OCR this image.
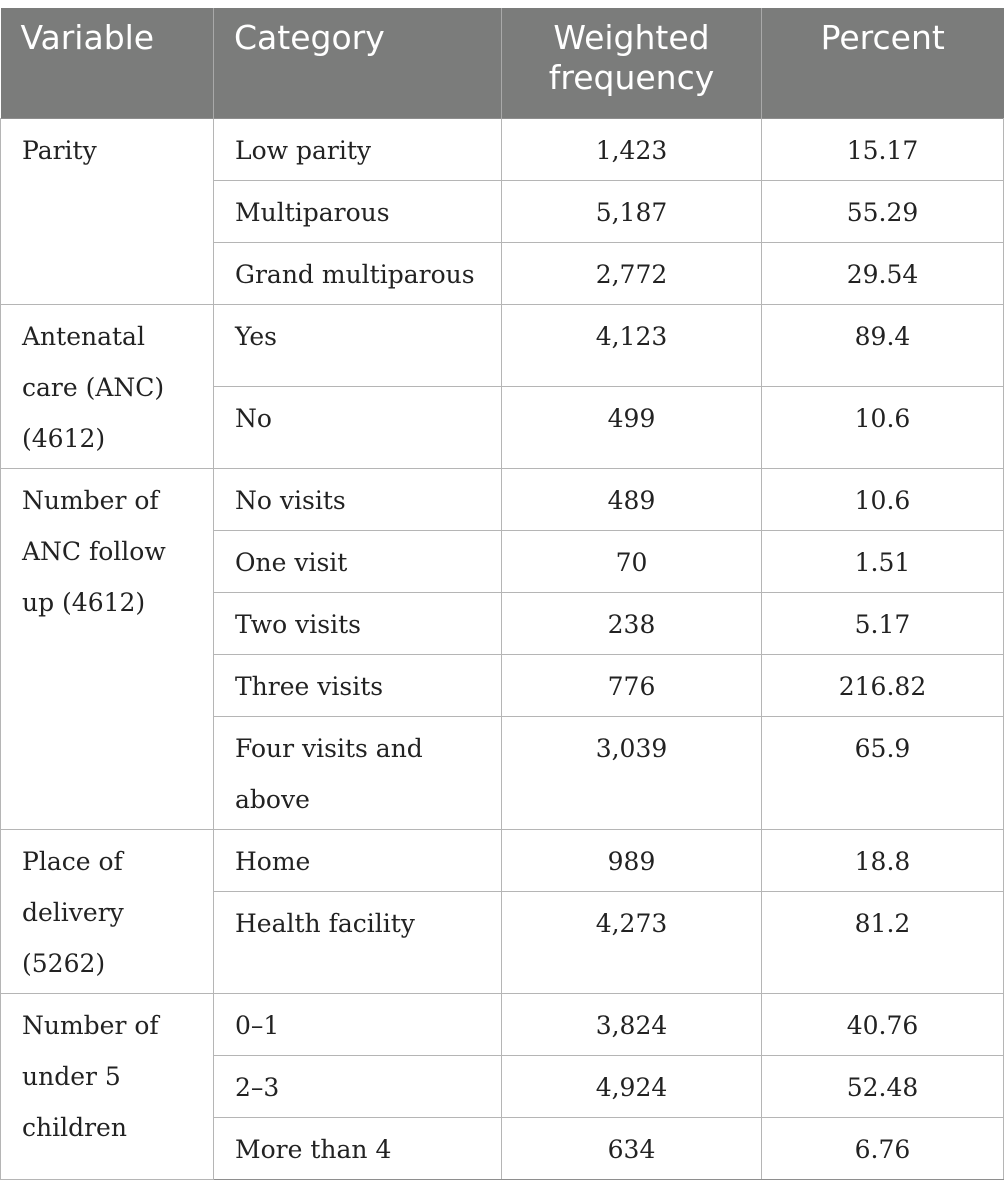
Variable	Category	Weighted frequency	Percent
Parity	Low parity	1,423	15.17
	Multiparous	5,187	55.29
	Grand multiparous	2,772	29.54
Antenatal care (ANC) (4612)	Yes	4,123	89.4
	No	499	10.6
Number of ANC follow up (4612)	No visits	489	10.6
	One visit	70	1.51
	Two visits	238	5.17
	Three visits	776	216.82
	Four visits and above	3,039	65.9
Place of delivery (5262)	Home	989	18.8
	Health facility	4,273	81.2
Number of under 5 children	0–1	3,824	40.76
	2–3	4,924	52.48
	More than 4	634	6.76
